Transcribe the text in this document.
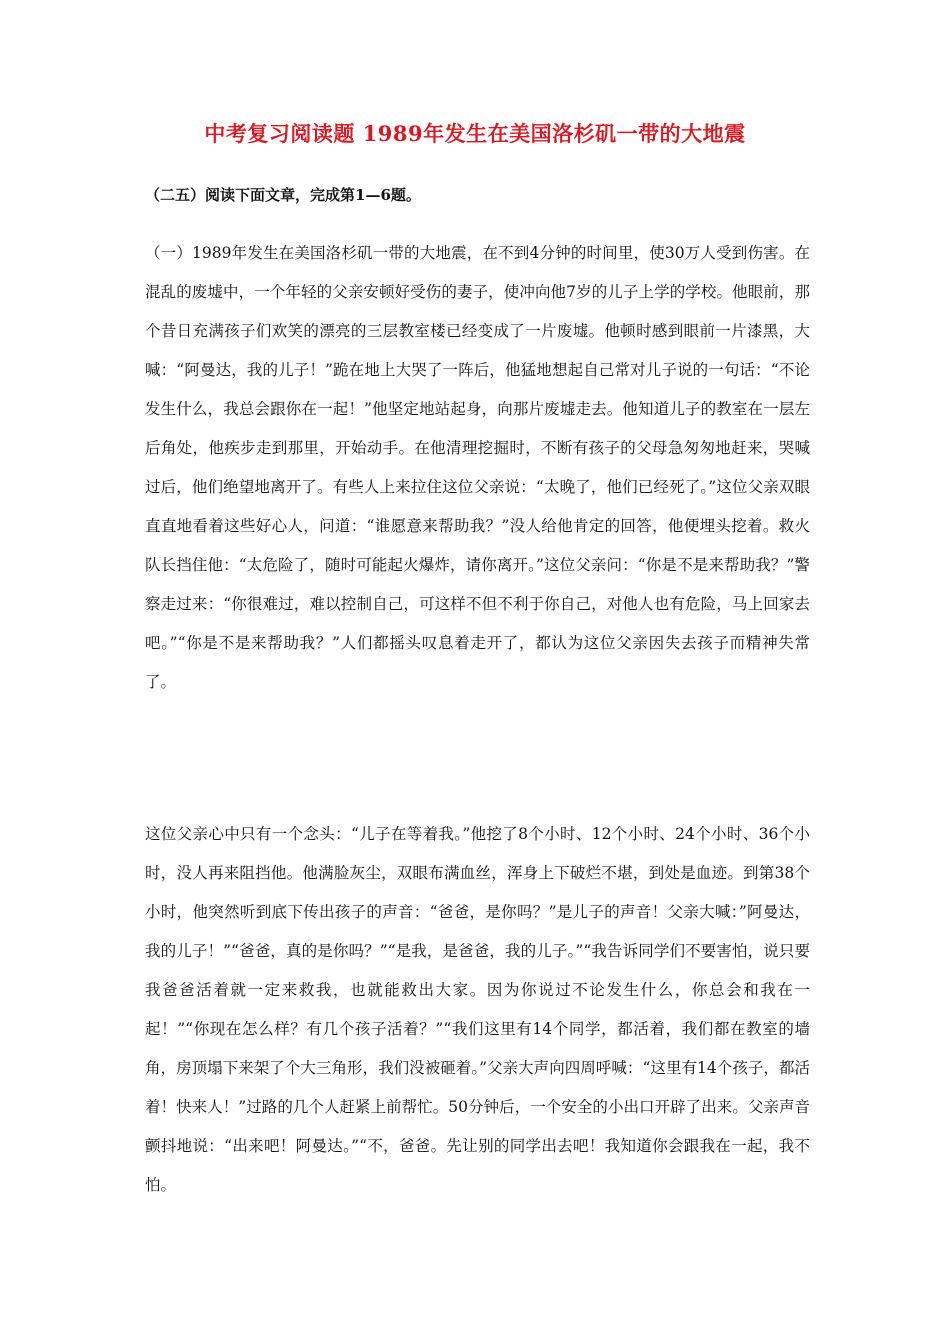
中考复习阅读题 1989年发生在美国洛杉矶一带的大地震
（二五）阅读下面文章，完成第1—6题。
（一）1989年发生在美国洛杉矶一带的大地震，在不到4分钟的时间里，使30万人受到伤害。在混乱的废墟中，一个年轻的父亲安顿好受伤的妻子，使冲向他7岁的儿子上学的学校。他眼前，那个昔日充满孩子们欢笑的漂亮的三层教室楼已经变成了一片废墟。他顿时感到眼前一片漆黑，大喊：“阿曼达，我的儿子！”跪在地上大哭了一阵后，他猛地想起自己常对儿子说的一句话：“不论发生什么，我总会跟你在一起！”他坚定地站起身，向那片废墟走去。他知道儿子的教室在一层左后角处，他疾步走到那里，开始动手。在他清理挖掘时，不断有孩子的父母急匆匆地赶来，哭喊过后，他们绝望地离开了。有些人上来拉住这位父亲说：“太晚了，他们已经死了。”这位父亲双眼直直地看着这些好心人，问道：“谁愿意来帮助我？”没人给他肯定的回答，他便埋头挖着。救火队长挡住他：“太危险了，随时可能起火爆炸，请你离开。”这位父亲问：“你是不是来帮助我？”警察走过来：“你很难过，难以控制自己，可这样不但不利于你自己，对他人也有危险，马上回家去吧。”“你是不是来帮助我？”人们都摇头叹息着走开了，都认为这位父亲因失去孩子而精神失常了。
这位父亲心中只有一个念头：“儿子在等着我。”他挖了8个小时、12个小时、24个小时、36个小时，没人再来阻挡他。他满脸灰尘，双眼布满血丝，浑身上下破烂不堪，到处是血迹。到第38个小时，他突然听到底下传出孩子的声音：“爸爸，是你吗？”是儿子的声音！父亲大喊：”阿曼达，我的儿子！”“爸爸，真的是你吗？”“是我，是爸爸，我的儿子。”“我告诉同学们不要害怕，说只要我爸爸活着就一定来救我，也就能救出大家。因为你说过不论发生什么，你总会和我在一起！”“你现在怎么样？有几个孩子活着？”“我们这里有14个同学，都活着，我们都在教室的墙角，房顶塌下来架了个大三角形，我们没被砸着。”父亲大声向四周呼喊：“这里有14个孩子，都活着！快来人！”过路的几个人赶紧上前帮忙。50分钟后，一个安全的小出口开辟了出来。父亲声音颤抖地说：“出来吧！阿曼达。”“不，爸爸。先让别的同学出去吧！我知道你会跟我在一起，我不怕。
